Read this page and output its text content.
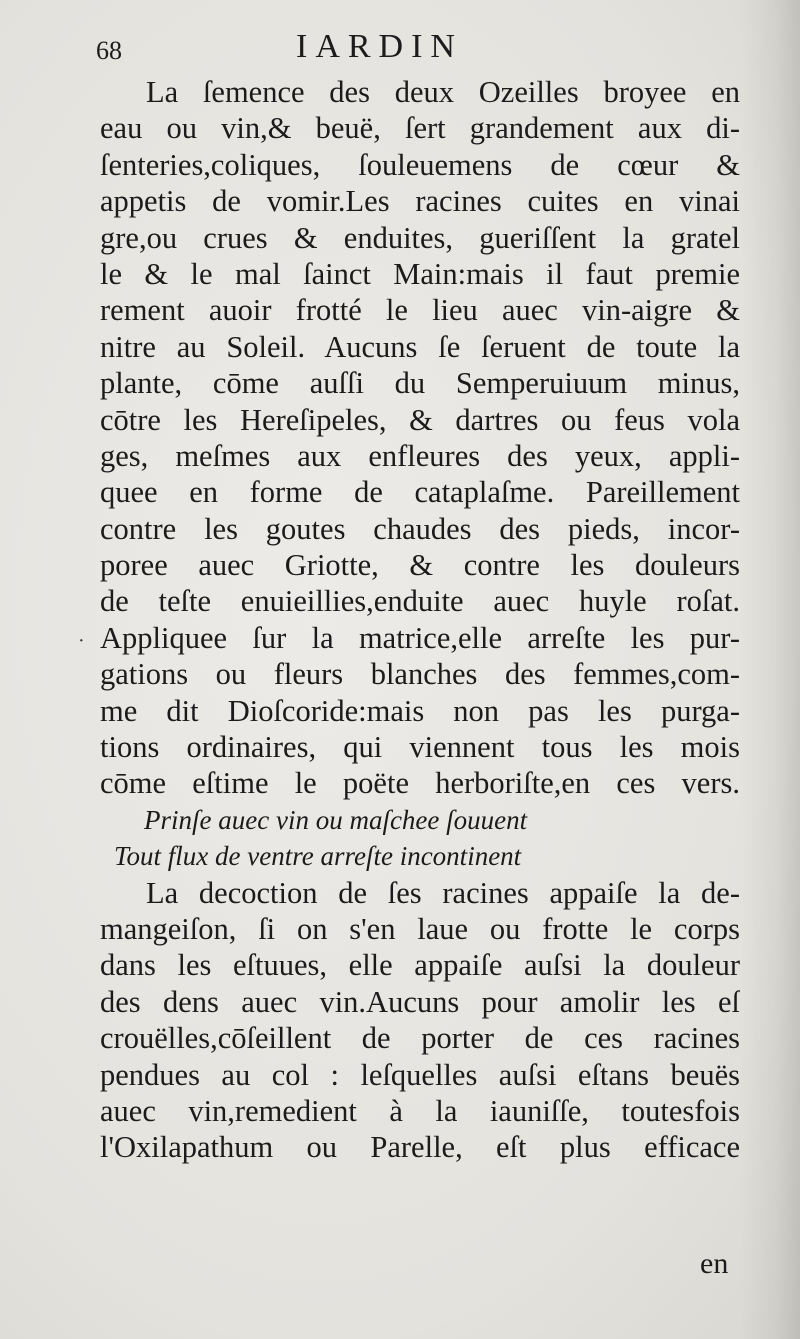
68	IARDIN
·
La ſemence des deux Ozeilles broyee en
eau ou vin,& beuë, ſert grandement aux di-
ſenteries,coliques, ſouleuemens de cœur &
appetis de vomir.Les racines cuites en vinai
gre,ou crues & enduites, gueriſſent la gratel
le & le mal ſainct Main:mais il faut premie
rement auoir frotté le lieu auec vin-aigre &
nitre au Soleil. Aucuns ſe ſeruent de toute la
plante, cōme auſſi du Semperuiuum minus,
cōtre les Hereſipeles, & dartres ou feus vola
ges, meſmes aux enfleures des yeux, appli-
quee en forme de cataplaſme. Pareillement
contre les goutes chaudes des pieds, incor-
poree auec Griotte, & contre les douleurs
de teſte enuieillies,enduite auec huyle roſat.
Appliquee ſur la matrice,elle arreſte les pur-
gations ou fleurs blanches des femmes,com-
me dit Dioſcoride:mais non pas les purga-
tions ordinaires, qui viennent tous les mois
cōme eſtime le poëte herboriſte,en ces vers.
Prinſe auec vin ou maſchee ſouuent
Tout flux de ventre arreſte incontinent
La decoction de ſes racines appaiſe la de-
mangeiſon, ſi on s'en laue ou frotte le corps
dans les eſtuues, elle appaiſe auſsi la douleur
des dens auec vin.Aucuns pour amolir les eſ
crouëlles,cōſeillent de porter de ces racines
pendues au col : leſquelles auſsi eſtans beuës
auec vin,remedient à la iauniſſe, toutesfois
l'Oxilapathum ou Parelle, eſt plus efficace
en
